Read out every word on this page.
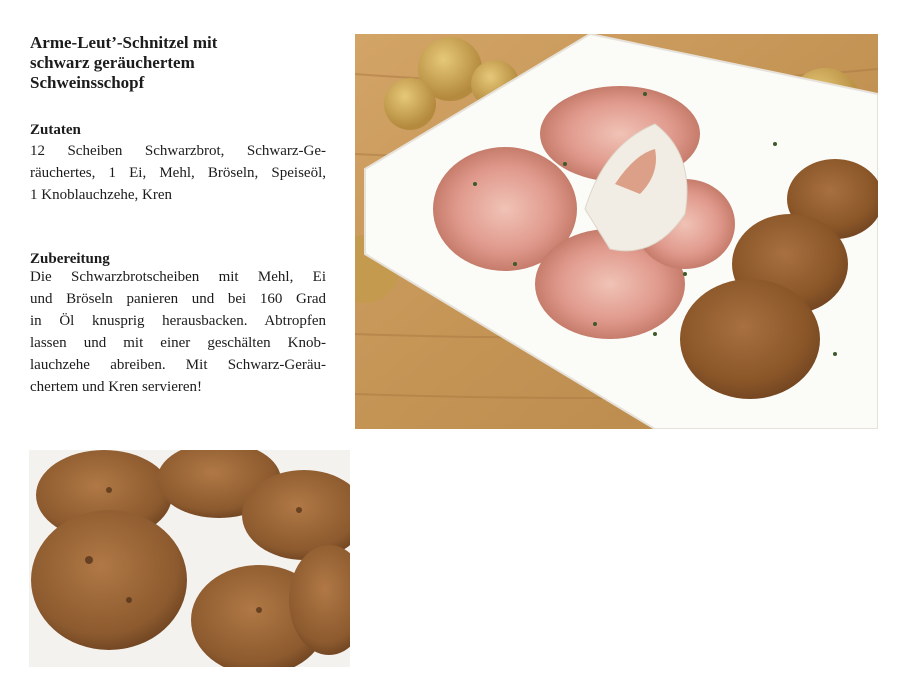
Arme-Leut’-Schnitzel mit
schwarz geräuchertem
Schweinsschopf
Zutaten

12 Scheiben Schwarzbrot, Schwarz-Ge-
räuchertes, 1 Ei, Mehl, Bröseln, Speiseöl,
1 Knoblauchzehe, Kren

Zubereitung

Die Schwarzbrotscheiben mit Mehl, Ei
und Bröseln panieren und bei 160 Grad
in Öl knusprig herausbacken. Abtropfen
lassen und mit einer geschälten Knob-
lauchzehe abreiben. Mit Schwarz-Geräu-
chertem und Kren servieren!
